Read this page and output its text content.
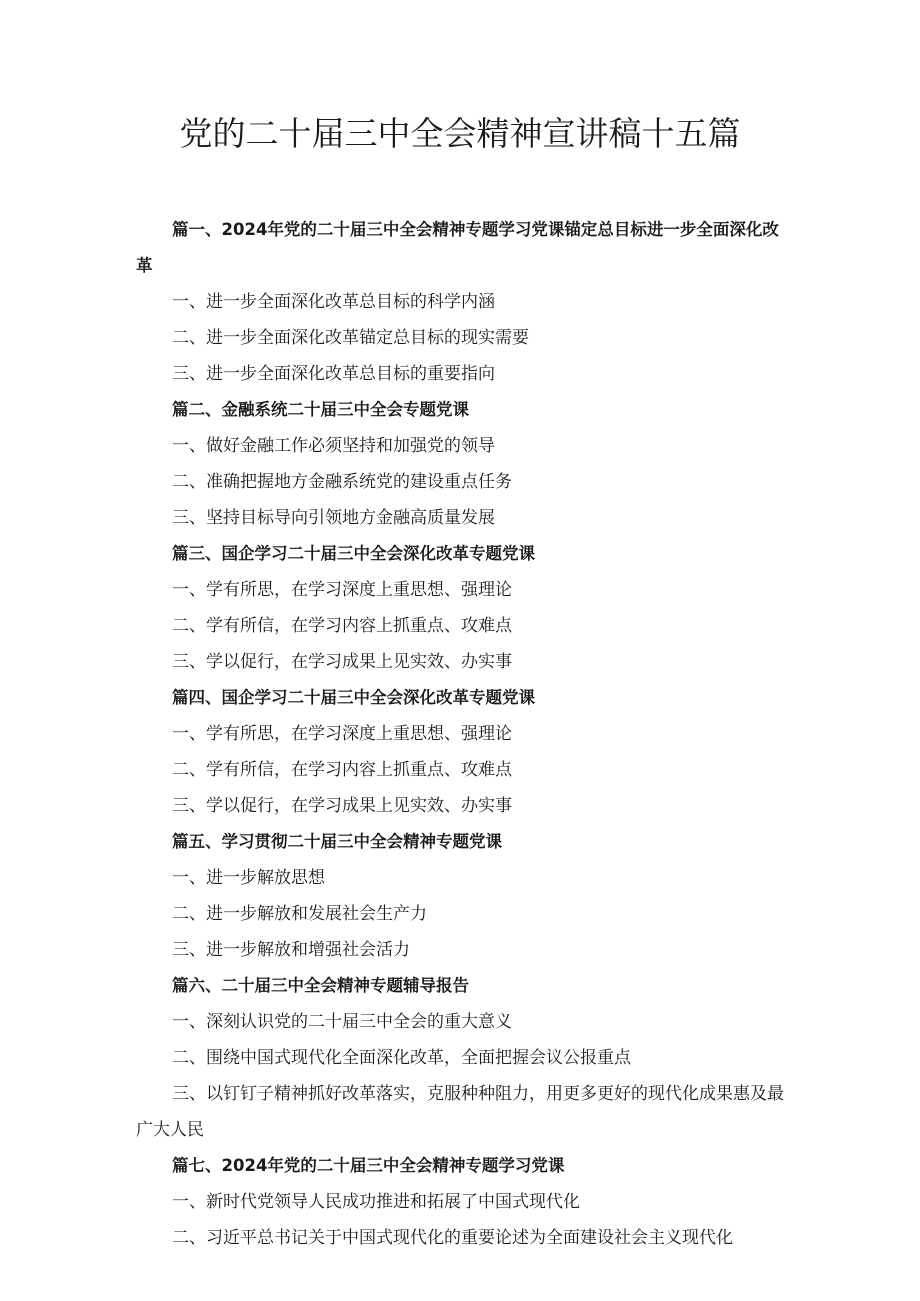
党的二十届三中全会精神宣讲稿十五篇

篇一、2024年党的二十届三中全会精神专题学习党课锚定总目标进一步全面深化改革

一、进一步全面深化改革总目标的科学内涵

二、进一步全面深化改革锚定总目标的现实需要

三、进一步全面深化改革总目标的重要指向

篇二、金融系统二十届三中全会专题党课

一、做好金融工作必须坚持和加强党的领导

二、准确把握地方金融系统党的建设重点任务

三、坚持目标导向引领地方金融高质量发展

篇三、国企学习二十届三中全会深化改革专题党课

一、学有所思，在学习深度上重思想、强理论

二、学有所信，在学习内容上抓重点、攻难点

三、学以促行，在学习成果上见实效、办实事

篇四、国企学习二十届三中全会深化改革专题党课

一、学有所思，在学习深度上重思想、强理论

二、学有所信，在学习内容上抓重点、攻难点

三、学以促行，在学习成果上见实效、办实事

篇五、学习贯彻二十届三中全会精神专题党课

一、进一步解放思想

二、进一步解放和发展社会生产力

三、进一步解放和增强社会活力

篇六、二十届三中全会精神专题辅导报告

一、深刻认识党的二十届三中全会的重大意义

二、围绕中国式现代化全面深化改革，全面把握会议公报重点

三、以钉钉子精神抓好改革落实，克服种种阻力，用更多更好的现代化成果惠及最广大人民

篇七、2024年党的二十届三中全会精神专题学习党课

一、新时代党领导人民成功推进和拓展了中国式现代化

二、习近平总书记关于中国式现代化的重要论述为全面建设社会主义现代化
